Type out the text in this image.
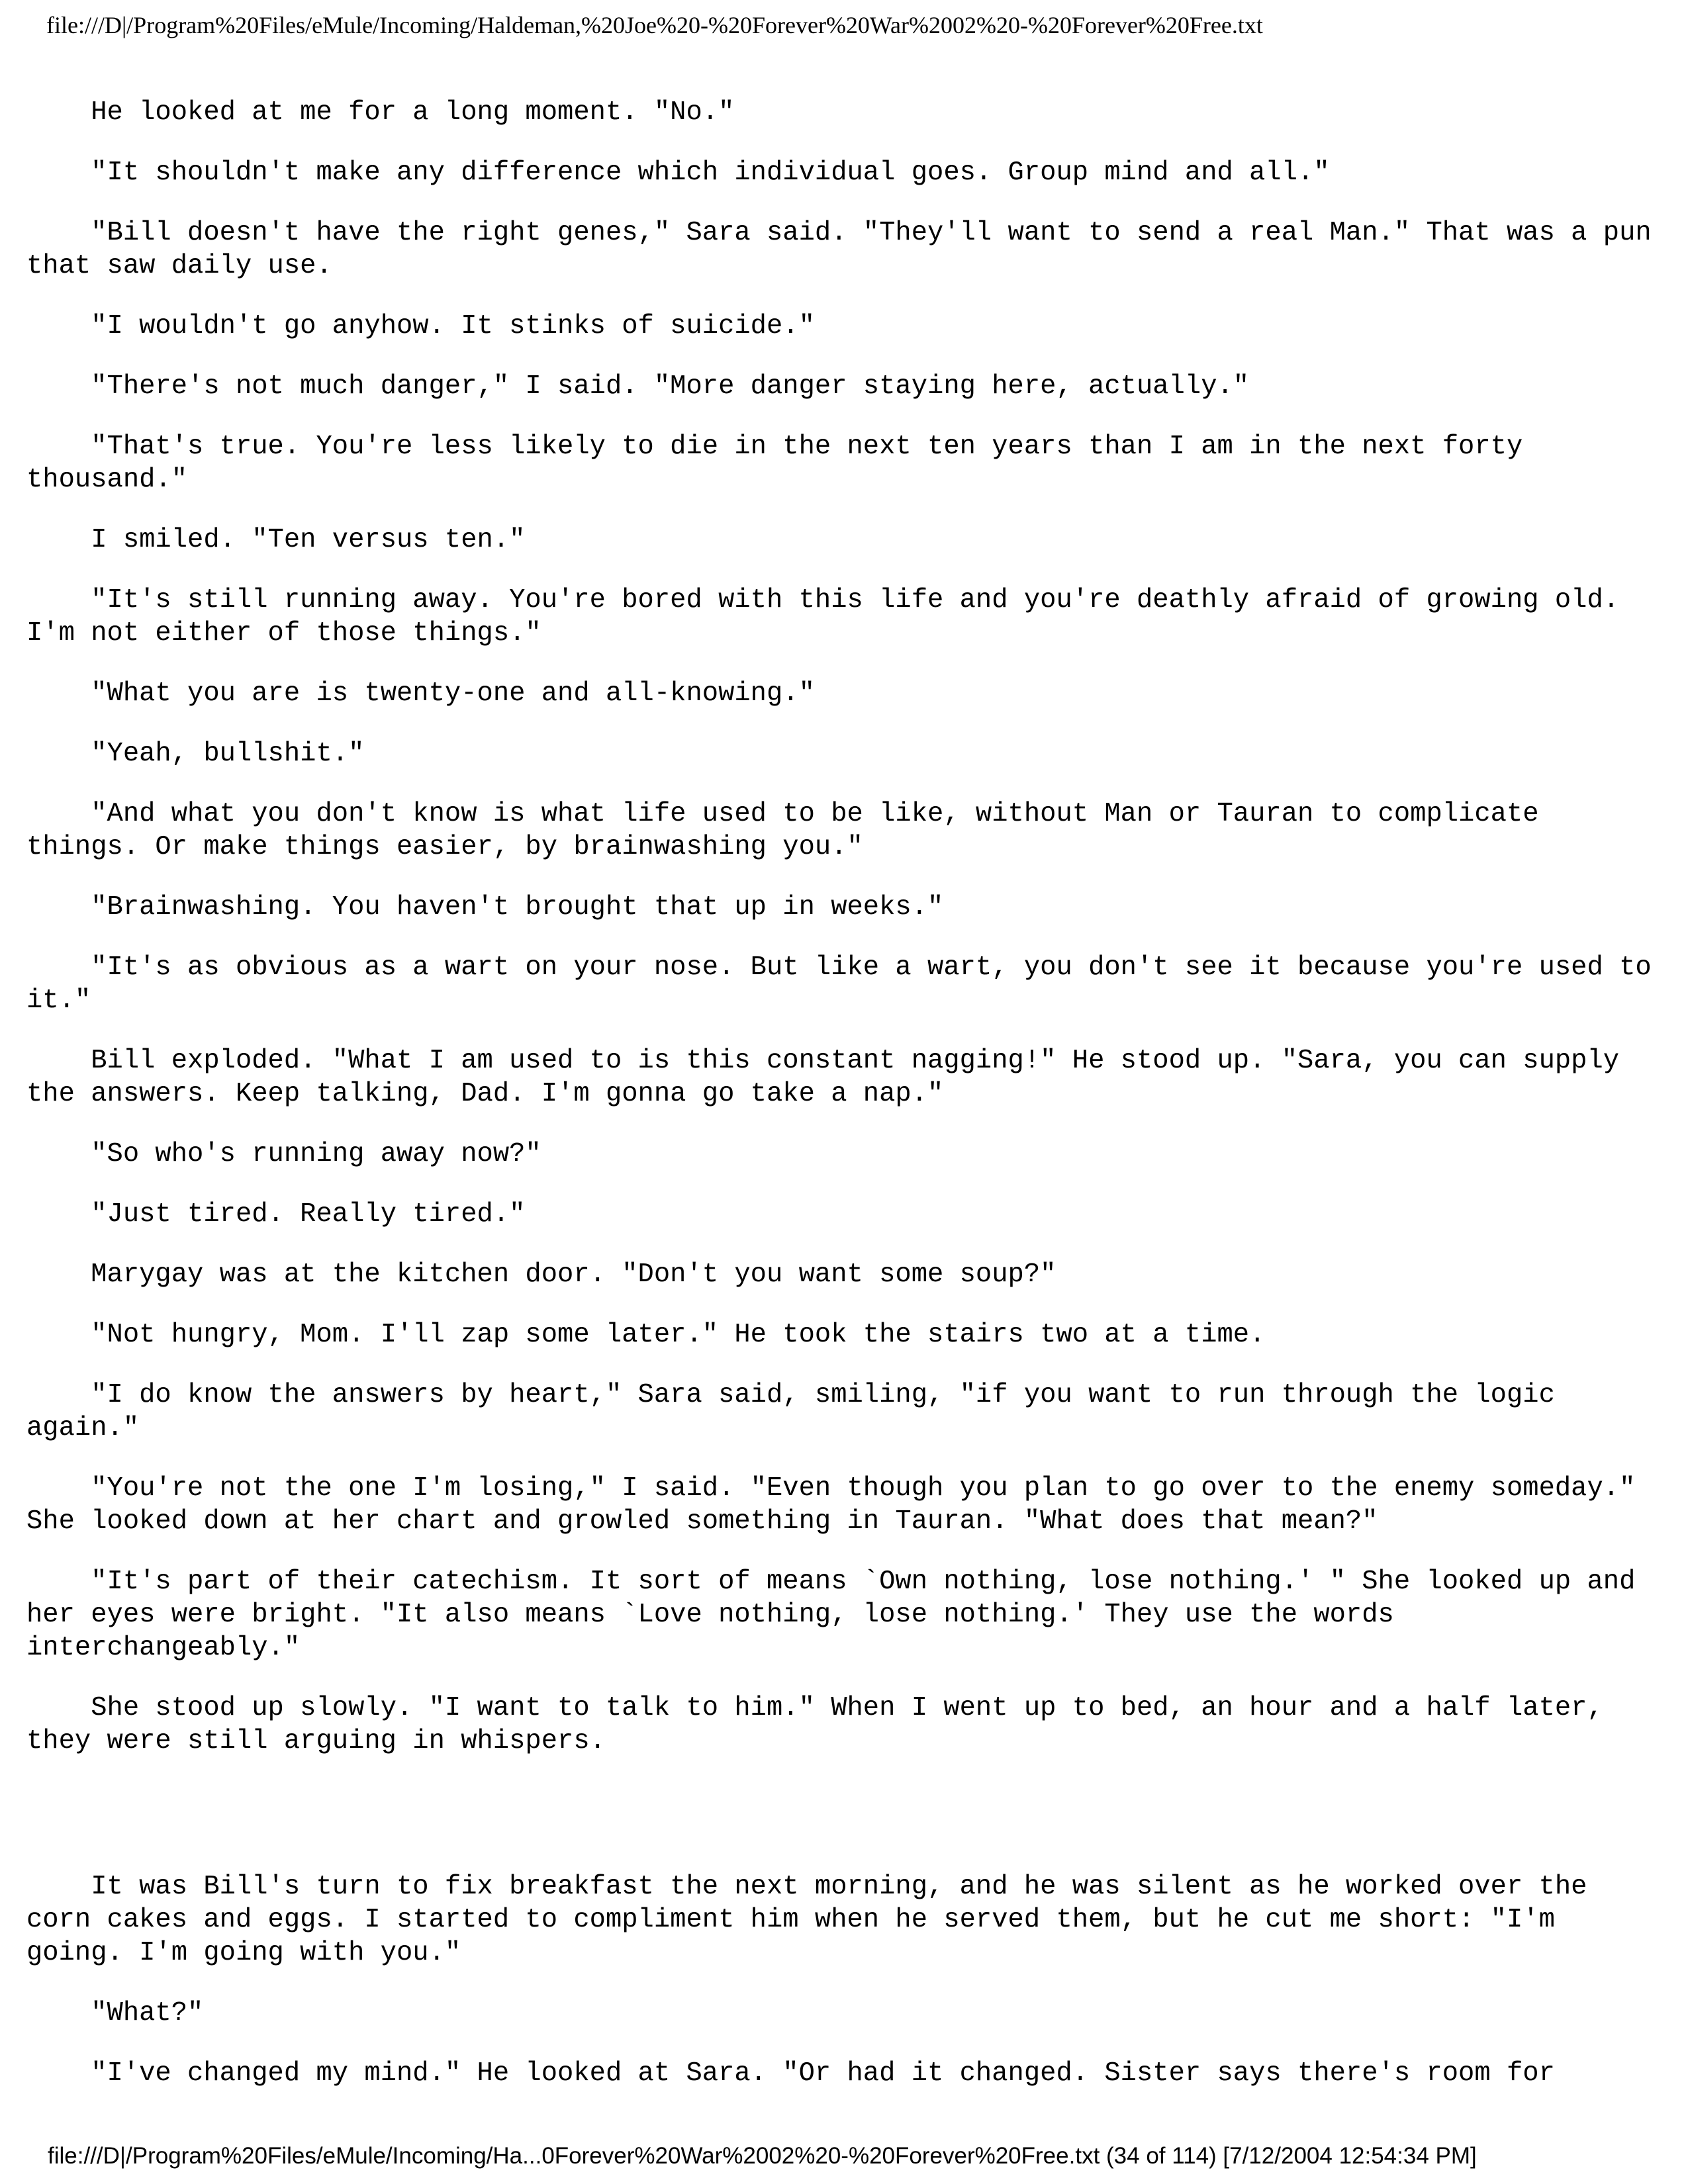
file:///D|/Program%20Files/eMule/Incoming/Haldeman,%20Joe%20-%20Forever%20War%2002%20-%20Forever%20Free.txt

He looked at me for a long moment. "No."

"It shouldn't make any difference which individual goes. Group mind and all."

"Bill doesn't have the right genes," Sara said. "They'll want to send a real Man." That was a pun that saw daily use.

"I wouldn't go anyhow. It stinks of suicide."

"There's not much danger," I said. "More danger staying here, actually."

"That's true. You're less likely to die in the next ten years than I am in the next forty thousand."

I smiled. "Ten versus ten."

"It's still running away. You're bored with this life and you're deathly afraid of growing old. I'm not either of those things."

"What you are is twenty-one and all-knowing."

"Yeah, bullshit."

"And what you don't know is what life used to be like, without Man or Tauran to complicate things. Or make things easier, by brainwashing you."

"Brainwashing. You haven't brought that up in weeks."

"It's as obvious as a wart on your nose. But like a wart, you don't see it because you're used to it."

Bill exploded. "What I am used to is this constant nagging!" He stood up. "Sara, you can supply the answers. Keep talking, Dad. I'm gonna go take a nap."

"So who's running away now?"

"Just tired. Really tired."

Marygay was at the kitchen door. "Don't you want some soup?"

"Not hungry, Mom. I'll zap some later." He took the stairs two at a time.

"I do know the answers by heart," Sara said, smiling, "if you want to run through the logic again."

"You're not the one I'm losing," I said. "Even though you plan to go over to the enemy someday." She looked down at her chart and growled something in Tauran. "What does that mean?"

"It's part of their catechism. It sort of means `Own nothing, lose nothing.' " She looked up and her eyes were bright. "It also means `Love nothing, lose nothing.' They use the words interchangeably."

She stood up slowly. "I want to talk to him." When I went up to bed, an hour and a half later, they were still arguing in whispers.

It was Bill's turn to fix breakfast the next morning, and he was silent as he worked over the corn cakes and eggs. I started to compliment him when he served them, but he cut me short: "I'm going. I'm going with you."

"What?"

"I've changed my mind." He looked at Sara. "Or had it changed. Sister says there's room for

file:///D|/Program%20Files/eMule/Incoming/Ha...0Forever%20War%2002%20-%20Forever%20Free.txt (34 of 114) [7/12/2004 12:54:34 PM]
